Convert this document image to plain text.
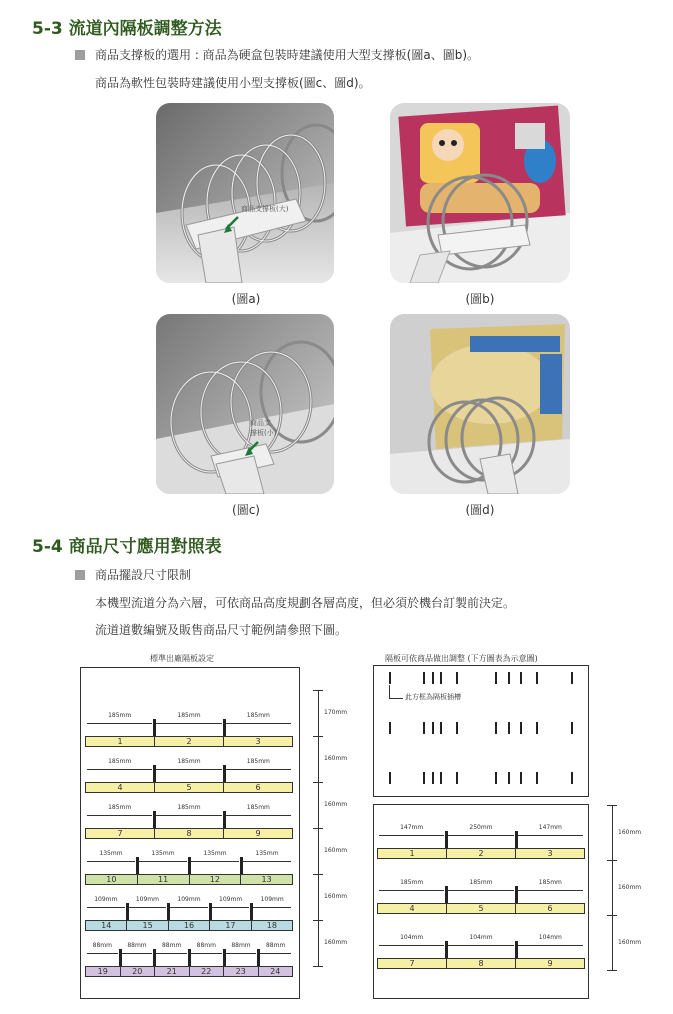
5-3 流道內隔板調整方法
商品支撐板的選用 : 商品為硬盒包裝時建議使用大型支撐板(圖a、圖b)。
商品為軟性包裝時建議使用小型支撐板(圖c、圖d)。
商品支撐板(大)
(圖a)	(圖b)
商品支
撐板(小)
(圖c)	(圖d)
5-4 商品尺寸應用對照表
商品擺設尺寸限制
本機型流道分為六層，可依商品高度規劃各層高度，但必須於機台訂製前決定。
流道道數編號及販售商品尺寸範例請參照下圖。
標準出廠隔板設定	隔板可依商品做出調整 (下方圖表為示意圖)
185mm	185mm	185mm
1	2	3
170mm
185mm	185mm	185mm
4	5	6
160mm
185mm	185mm	185mm
7	8	9
160mm
135mm	135mm	135mm	135mm
10	11	12	13
160mm
109mm	109mm	109mm	109mm	109mm
14	15	16	17	18
160mm
88mm	88mm	88mm	88mm	88mm	88mm
19	20	21	22	23	24
160mm
此方框為隔板插槽
147mm	250mm	147mm
1	2	3
160mm
185mm	185mm	185mm
4	5	6
160mm
104mm	104mm	104mm
7	8	9
160mm
